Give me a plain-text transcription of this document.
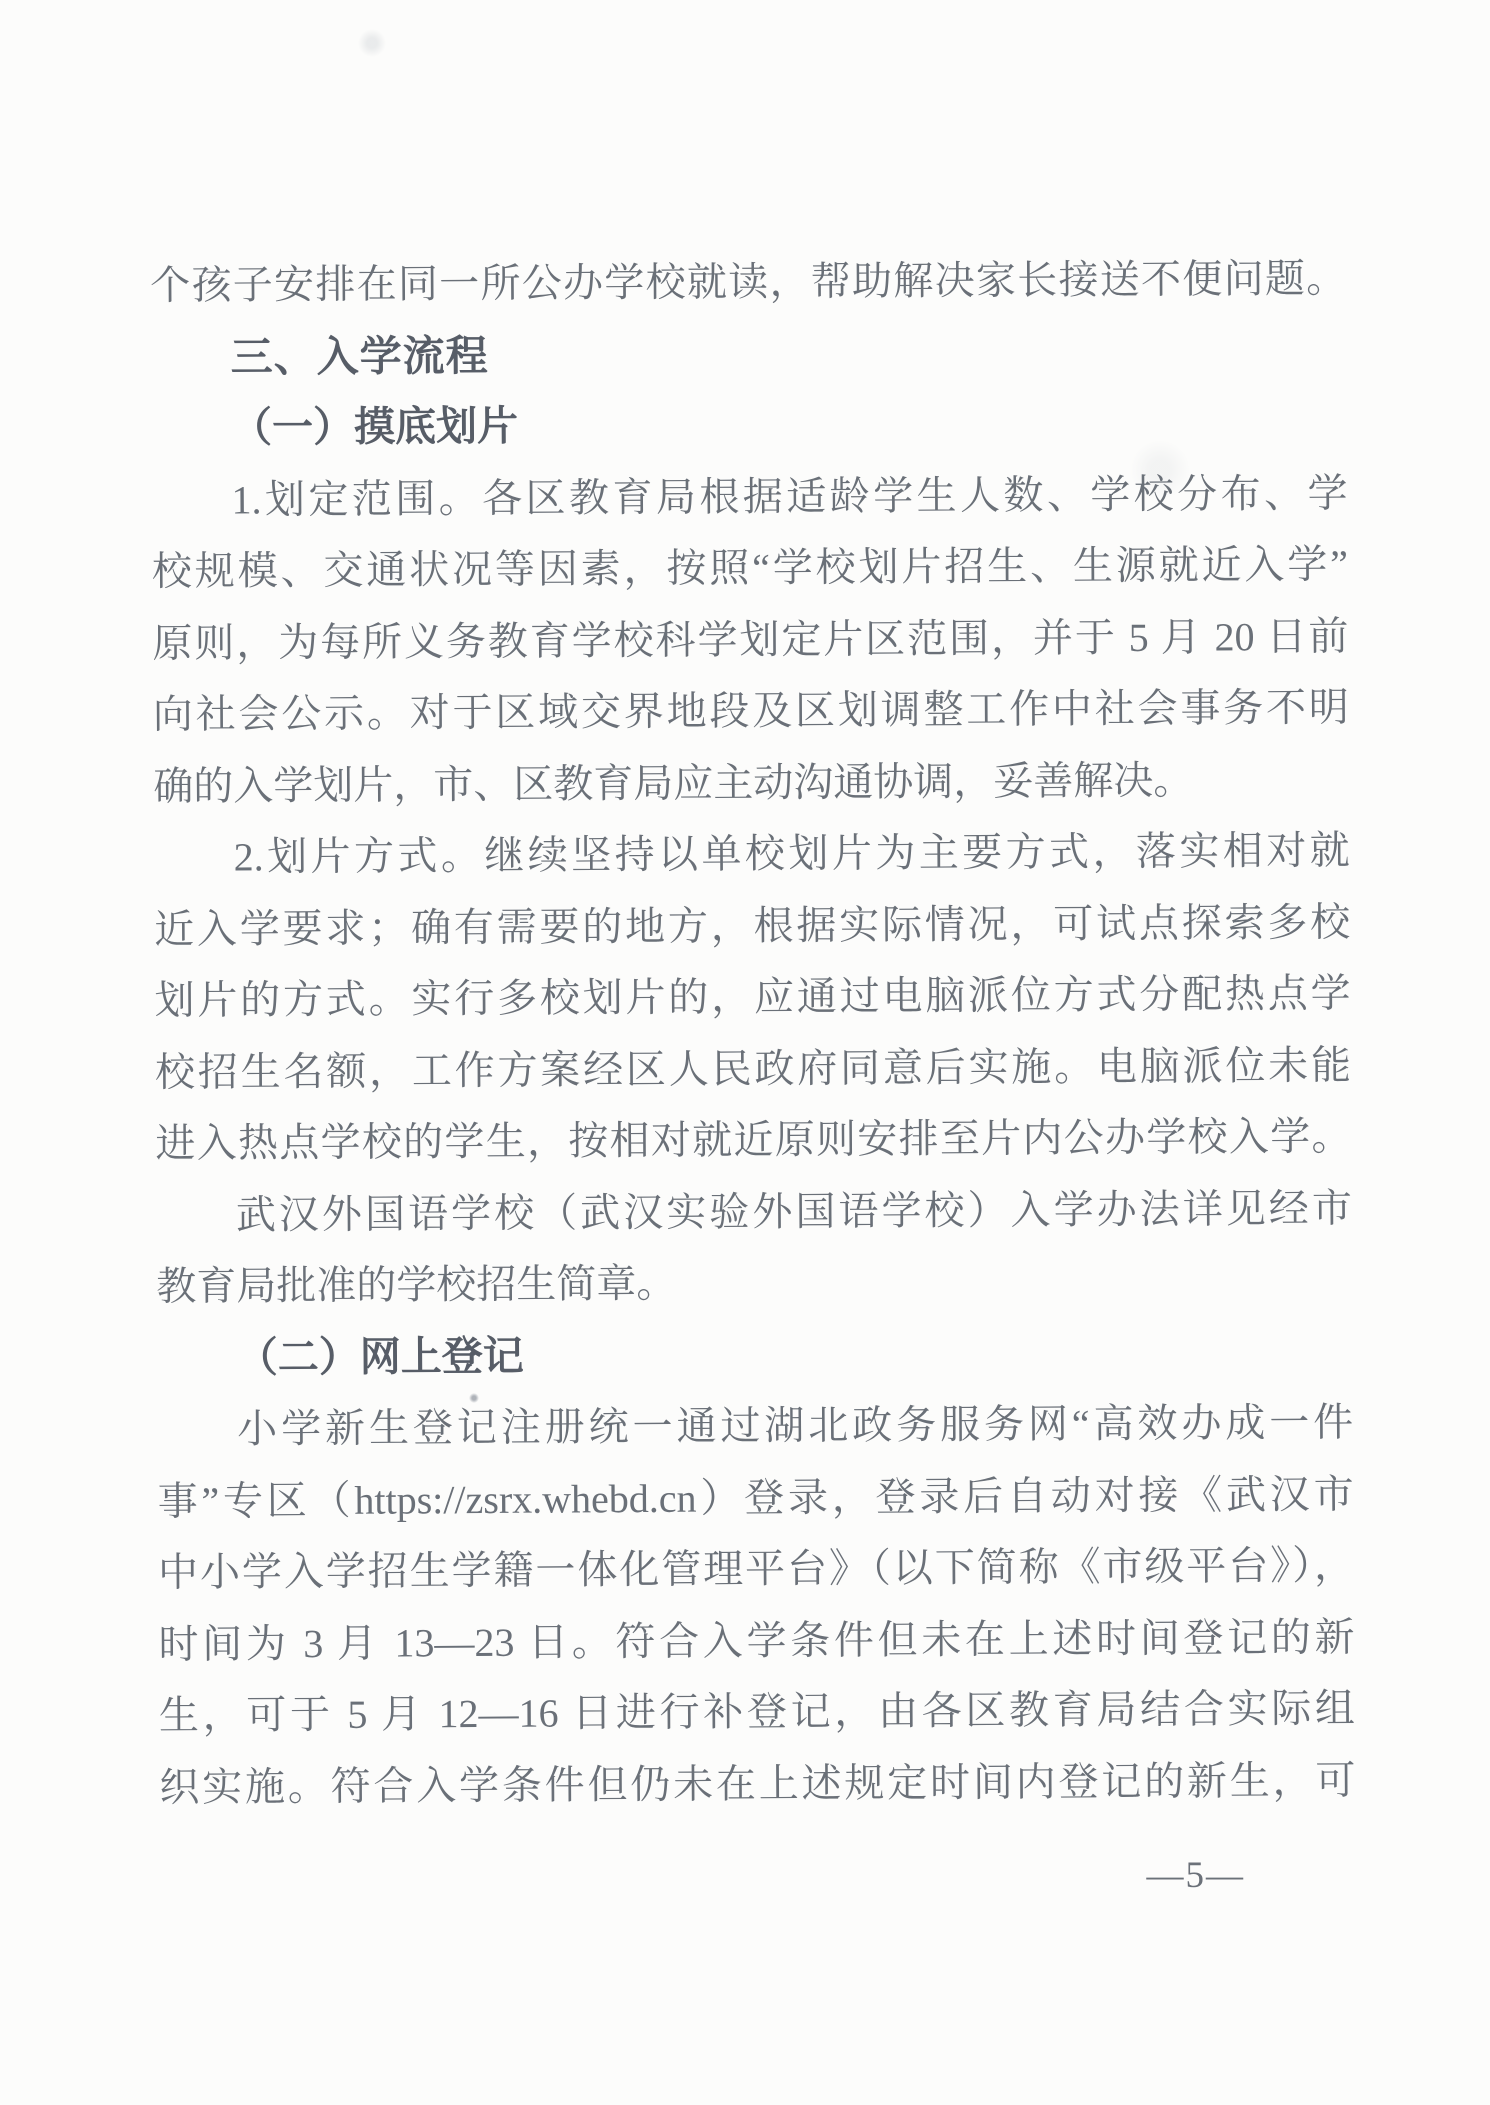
个孩子安排在同一所公办学校就读，帮助解决家长接送不便问题。
三、入学流程
（一）摸底划片
1.划定范围。各区教育局根据适龄学生人数、学校分布、学
校规模、交通状况等因素，按照“学校划片招生、生源就近入学”
原则，为每所义务教育学校科学划定片区范围，并于 5 月 20 日前
向社会公示。对于区域交界地段及区划调整工作中社会事务不明
确的入学划片，市、区教育局应主动沟通协调，妥善解决。
2.划片方式。继续坚持以单校划片为主要方式，落实相对就
近入学要求；确有需要的地方，根据实际情况，可试点探索多校
划片的方式。实行多校划片的，应通过电脑派位方式分配热点学
校招生名额，工作方案经区人民政府同意后实施。电脑派位未能
进入热点学校的学生，按相对就近原则安排至片内公办学校入学。
武汉外国语学校（武汉实验外国语学校）入学办法详见经市
教育局批准的学校招生简章。
（二）网上登记
小学新生登记注册统一通过湖北政务服务网“高效办成一件
事”专区（https://zsrx.whebd.cn）登录，登录后自动对接《武汉市
中小学入学招生学籍一体化管理平台》（以下简称《市级平台》），
时间为 3 月 13—23 日。符合入学条件但未在上述时间登记的新
生，可于 5 月 12—16 日进行补登记，由各区教育局结合实际组
织实施。符合入学条件但仍未在上述规定时间内登记的新生，可
—5—
